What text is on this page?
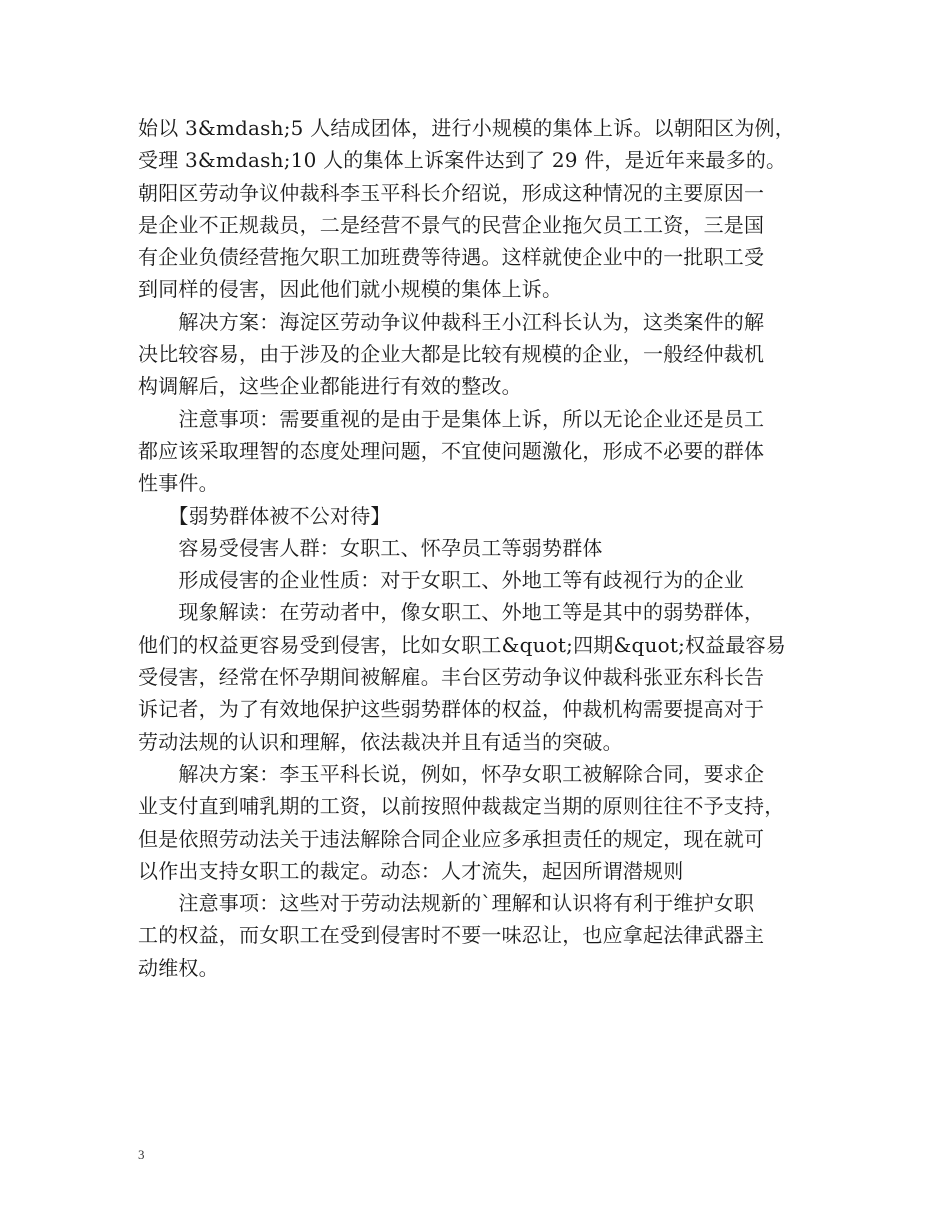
始以 3&mdash;5 人结成团体，进行小规模的集体上诉。以朝阳区为例，
受理 3&mdash;10 人的集体上诉案件达到了 29 件，是近年来最多的。
朝阳区劳动争议仲裁科李玉平科长介绍说，形成这种情况的主要原因一
是企业不正规裁员，二是经营不景气的民营企业拖欠员工工资，三是国
有企业负债经营拖欠职工加班费等待遇。这样就使企业中的一批职工受
到同样的侵害，因此他们就小规模的集体上诉。
　　解决方案：海淀区劳动争议仲裁科王小江科长认为，这类案件的解
决比较容易，由于涉及的企业大都是比较有规模的企业，一般经仲裁机
构调解后，这些企业都能进行有效的整改。
　　注意事项：需要重视的是由于是集体上诉，所以无论企业还是员工
都应该采取理智的态度处理问题，不宜使问题激化，形成不必要的群体
性事件。
　　【弱势群体被不公对待】
　　容易受侵害人群：女职工、怀孕员工等弱势群体
　　形成侵害的企业性质：对于女职工、外地工等有歧视行为的企业
　　现象解读：在劳动者中，像女职工、外地工等是其中的弱势群体，
他们的权益更容易受到侵害，比如女职工&quot;四期&quot;权益最容易
受侵害，经常在怀孕期间被解雇。丰台区劳动争议仲裁科张亚东科长告
诉记者，为了有效地保护这些弱势群体的权益，仲裁机构需要提高对于
劳动法规的认识和理解，依法裁决并且有适当的突破。
　　解决方案：李玉平科长说，例如，怀孕女职工被解除合同，要求企
业支付直到哺乳期的工资，以前按照仲裁裁定当期的原则往往不予支持，
但是依照劳动法关于违法解除合同企业应多承担责任的规定，现在就可
以作出支持女职工的裁定。动态：人才流失，起因所谓潜规则
　　注意事项：这些对于劳动法规新的`理解和认识将有利于维护女职
工的权益，而女职工在受到侵害时不要一味忍让，也应拿起法律武器主
动维权。
3
